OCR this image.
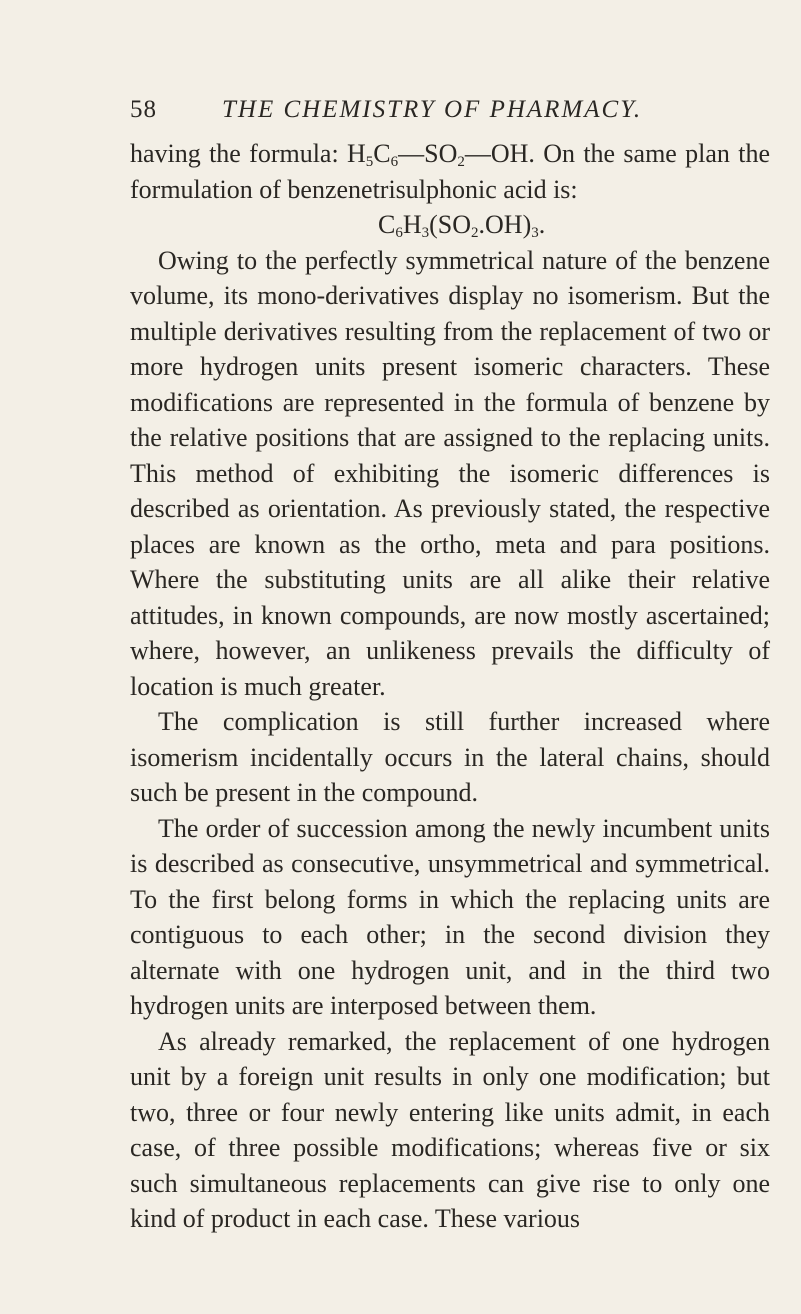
58	THE CHEMISTRY OF PHARMACY.

having the formula: $H_5C_6—SO_2—OH$. On the same plan the formulation of benzenetrisulphonic acid is:

$C_6H_3(SO_2.OH)_3$.

Owing to the perfectly symmetrical nature of the benzene volume, its mono-derivatives display no isomerism. But the multiple derivatives resulting from the replacement of two or more hydrogen units present isomeric characters. These modifications are represented in the formula of benzene by the relative positions that are assigned to the replacing units. This method of exhibiting the isomeric differences is described as orientation. As previously stated, the respective places are known as the ortho, meta and para positions. Where the substituting units are all alike their relative attitudes, in known compounds, are now mostly ascertained; where, however, an unlikeness prevails the difficulty of location is much greater.

The complication is still further increased where isomerism incidentally occurs in the lateral chains, should such be present in the compound.

The order of succession among the newly incumbent units is described as consecutive, unsymmetrical and symmetrical. To the first belong forms in which the replacing units are contiguous to each other; in the second division they alternate with one hydrogen unit, and in the third two hydrogen units are interposed between them.

As already remarked, the replacement of one hydrogen unit by a foreign unit results in only one modification; but two, three or four newly entering like units admit, in each case, of three possible modifications; whereas five or six such simultaneous replacements can give rise to only one kind of product in each case. These various
